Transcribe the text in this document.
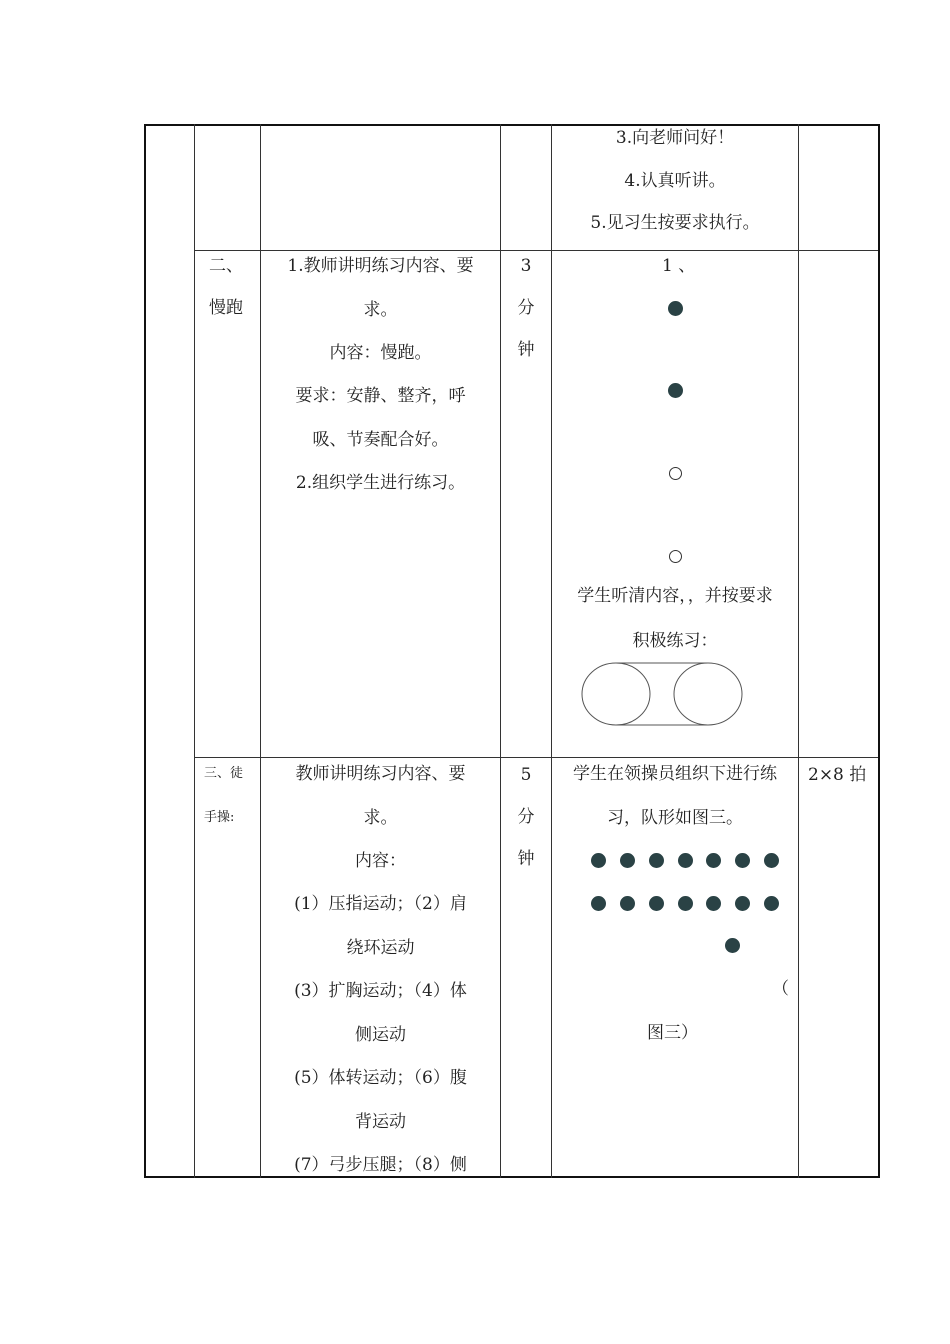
3.向老师问好！
4.认真听讲。
5.见习生按要求执行。
二、
慢跑
1.教师讲明练习内容、要
求。
内容：慢跑。
要求：安静、整齐，呼
吸、节奏配合好。
2.组织学生进行练习。
3
分
钟
1 、
学生听清内容，，并按要求
积极练习：
三、徒
手操:
教师讲明练习内容、要
求。
内容：
(1）压指运动；（2）肩
绕环运动
(3）扩胸运动；（4）体
侧运动
(5）体转运动；（6）腹
背运动
(7）弓步压腿；（8）侧
5
分
钟
学生在领操员组织下进行练
习，队形如图三。
（
图三）
2×8 拍
